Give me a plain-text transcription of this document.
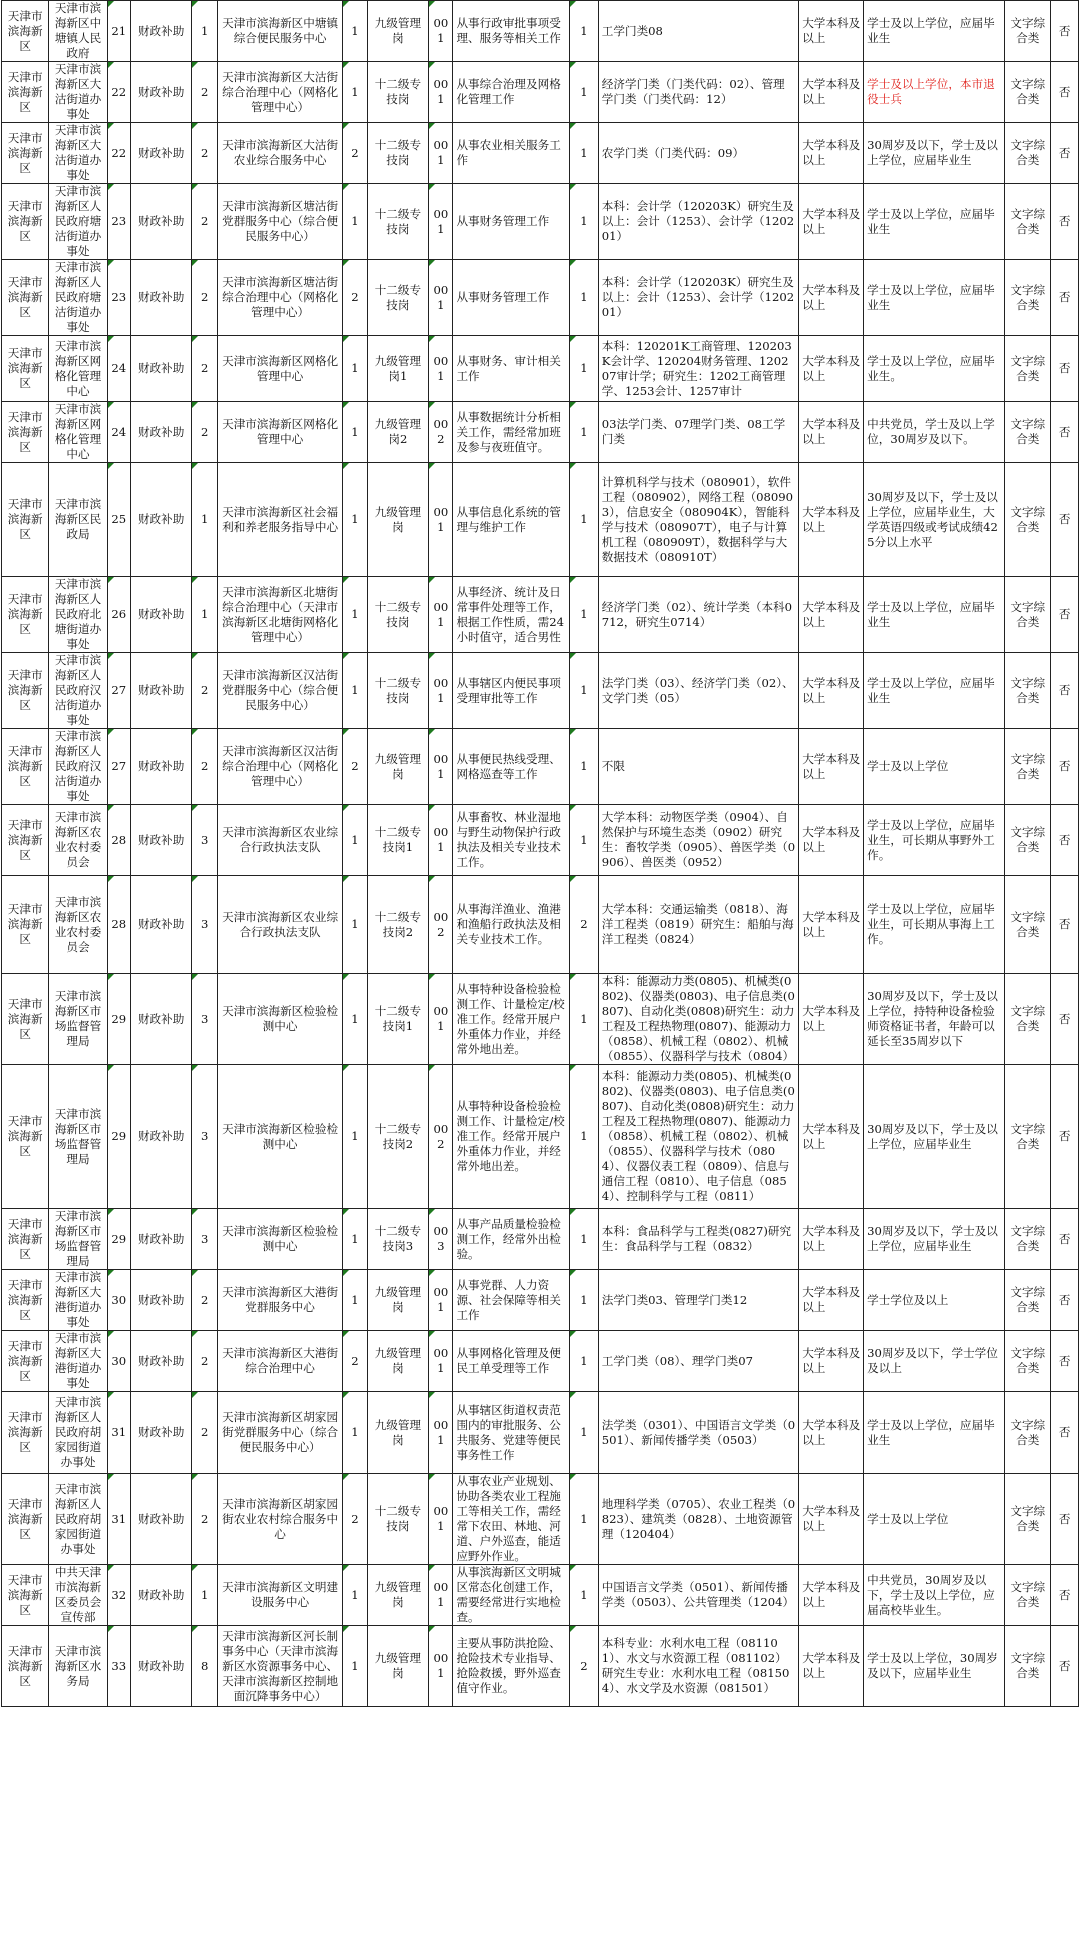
天津市滨海新区	天津市滨海新区中塘镇人民政府	21	财政补助	1	天津市滨海新区中塘镇综合便民服务中心	1	九级管理岗	001	从事行政审批事项受理、服务等相关工作	1	工学门类08	大学本科及以上	学士及以上学位，应届毕业生	文字综合类	否
天津市滨海新区	天津市滨海新区大沽街道办事处	22	财政补助	2	天津市滨海新区大沽街综合治理中心（网格化管理中心）	1	十二级专技岗	001	从事综合治理及网格化管理工作	1	经济学门类（门类代码：02）、管理学门类（门类代码：12）	大学本科及以上	学士及以上学位，本市退役士兵	文字综合类	否
天津市滨海新区	天津市滨海新区大沽街道办事处	22	财政补助	2	天津市滨海新区大沽街农业综合服务中心	2	十二级专技岗	001	从事农业相关服务工作	1	农学门类（门类代码：09）	大学本科及以上	30周岁及以下，学士及以上学位，应届毕业生	文字综合类	否
天津市滨海新区	天津市滨海新区人民政府塘沽街道办事处	23	财政补助	2	天津市滨海新区塘沽街党群服务中心（综合便民服务中心）	1	十二级专技岗	001	从事财务管理工作	1	本科：会计学（120203K）研究生及以上：会计（1253）、会计学（120201）	大学本科及以上	学士及以上学位，应届毕业生	文字综合类	否
天津市滨海新区	天津市滨海新区人民政府塘沽街道办事处	23	财政补助	2	天津市滨海新区塘沽街综合治理中心（网格化管理中心）	2	十二级专技岗	001	从事财务管理工作	1	本科：会计学（120203K）研究生及以上：会计（1253）、会计学（120201）	大学本科及以上	学士及以上学位，应届毕业生	文字综合类	否
天津市滨海新区	天津市滨海新区网格化管理中心	24	财政补助	2	天津市滨海新区网格化管理中心	1	九级管理岗1	001	从事财务、审计相关工作	1	本科：120201K工商管理、120203K会计学、120204财务管理、120207审计学；研究生：1202工商管理学、1253会计、1257审计	大学本科及以上	学士及以上学位，应届毕业生。	文字综合类	否
天津市滨海新区	天津市滨海新区网格化管理中心	24	财政补助	2	天津市滨海新区网格化管理中心	1	九级管理岗2	002	从事数据统计分析相关工作，需经常加班及参与夜班值守。	1	03法学门类、07理学门类、08工学门类	大学本科及以上	中共党员，学士及以上学位，30周岁及以下。	文字综合类	否
天津市滨海新区	天津市滨海新区民政局	25	财政补助	1	天津市滨海新区社会福利和养老服务指导中心	1	九级管理岗	001	从事信息化系统的管理与维护工作	1	计算机科学与技术（080901），软件工程（080902），网络工程（080903），信息安全（080904K），智能科学与技术（080907T），电子与计算机工程（080909T），数据科学与大数据技术（080910T）	大学本科及以上	30周岁及以下，学士及以上学位，应届毕业生，大学英语四级或考试成绩425分以上水平	文字综合类	否
天津市滨海新区	天津市滨海新区人民政府北塘街道办事处	26	财政补助	1	天津市滨海新区北塘街综合治理中心（天津市滨海新区北塘街网格化管理中心）	1	十二级专技岗	001	从事经济、统计及日常事件处理等工作，根据工作性质，需24小时值守，适合男性	1	经济学门类（02）、统计学类（本科0712，研究生0714）	大学本科及以上	学士及以上学位，应届毕业生	文字综合类	否
天津市滨海新区	天津市滨海新区人民政府汉沽街道办事处	27	财政补助	2	天津市滨海新区汉沽街党群服务中心（综合便民服务中心）	1	十二级专技岗	001	从事辖区内便民事项受理审批等工作	1	法学门类（03）、经济学门类（02）、文学门类（05）	大学本科及以上	学士及以上学位，应届毕业生	文字综合类	否
天津市滨海新区	天津市滨海新区人民政府汉沽街道办事处	27	财政补助	2	天津市滨海新区汉沽街综合治理中心（网格化管理中心）	2	九级管理岗	001	从事便民热线受理、网格巡查等工作	1	不限	大学本科及以上	学士及以上学位	文字综合类	否
天津市滨海新区	天津市滨海新区农业农村委员会	28	财政补助	3	天津市滨海新区农业综合行政执法支队	1	十二级专技岗1	001	从事畜牧、林业湿地与野生动物保护行政执法及相关专业技术工作。	1	大学本科：动物医学类（0904）、自然保护与环境生态类（0902）研究生：畜牧学类（0905）、兽医学类（0906）、兽医类（0952）	大学本科及以上	学士及以上学位，应届毕业生，可长期从事野外工作。	文字综合类	否
天津市滨海新区	天津市滨海新区农业农村委员会	28	财政补助	3	天津市滨海新区农业综合行政执法支队	1	十二级专技岗2	002	从事海洋渔业、渔港和渔船行政执法及相关专业技术工作。	2	大学本科：交通运输类（0818）、海洋工程类（0819）研究生：船舶与海洋工程类（0824）	大学本科及以上	学士及以上学位，应届毕业生，可长期从事海上工作。	文字综合类	否
天津市滨海新区	天津市滨海新区市场监督管理局	29	财政补助	3	天津市滨海新区检验检测中心	1	十二级专技岗1	001	从事特种设备检验检测工作、计量检定/校准工作。经常开展户外重体力作业，并经常外地出差。	1	本科：能源动力类(0805)、机械类(0802)、仪器类(0803)、电子信息类(0807)、自动化类(0808)研究生：动力工程及工程热物理(0807)、能源动力（0858）、机械工程（0802）、机械（0855）、仪器科学与技术（0804）	大学本科及以上	30周岁及以下，学士及以上学位，持特种设备检验师资格证书者，年龄可以延长至35周岁以下	文字综合类	否
天津市滨海新区	天津市滨海新区市场监督管理局	29	财政补助	3	天津市滨海新区检验检测中心	1	十二级专技岗2	002	从事特种设备检验检测工作、计量检定/校准工作。经常开展户外重体力作业，并经常外地出差。	1	本科：能源动力类(0805)、机械类(0802)、仪器类(0803)、电子信息类(0807)、自动化类(0808)研究生：动力工程及工程热物理(0807)、能源动力（0858）、机械工程（0802）、机械（0855）、仪器科学与技术（0804）、仪器仪表工程（0809）、信息与通信工程（0810）、电子信息（0854）、控制科学与工程（0811）	大学本科及以上	30周岁及以下，学士及以上学位，应届毕业生	文字综合类	否
天津市滨海新区	天津市滨海新区市场监督管理局	29	财政补助	3	天津市滨海新区检验检测中心	1	十二级专技岗3	003	从事产品质量检验检测工作，经常外出检验。	1	本科：食品科学与工程类(0827)研究生：食品科学与工程（0832）	大学本科及以上	30周岁及以下，学士及以上学位，应届毕业生	文字综合类	否
天津市滨海新区	天津市滨海新区大港街道办事处	30	财政补助	2	天津市滨海新区大港街党群服务中心	1	九级管理岗	001	从事党群、人力资源、社会保障等相关工作	1	法学门类03、管理学门类12	大学本科及以上	学士学位及以上	文字综合类	否
天津市滨海新区	天津市滨海新区大港街道办事处	30	财政补助	2	天津市滨海新区大港街综合治理中心	2	九级管理岗	001	从事网格化管理及便民工单受理等工作	1	工学门类（08）、理学门类07	大学本科及以上	30周岁及以下，学士学位及以上	文字综合类	否
天津市滨海新区	天津市滨海新区人民政府胡家园街道办事处	31	财政补助	2	天津市滨海新区胡家园街党群服务中心（综合便民服务中心）	1	九级管理岗	001	从事辖区街道权责范围内的审批服务、公共服务、党建等便民事务性工作	1	法学类（0301）、中国语言文学类（0501）、新闻传播学类（0503）	大学本科及以上	学士及以上学位，应届毕业生	文字综合类	否
天津市滨海新区	天津市滨海新区人民政府胡家园街道办事处	31	财政补助	2	天津市滨海新区胡家园街农业农村综合服务中心	2	十二级专技岗	001	从事农业产业规划、协助各类农业工程施工等相关工作，需经常下农田、林地、河道、户外巡查，能适应野外作业。	1	地理科学类（0705）、农业工程类（0823）、建筑类（0828）、土地资源管理（120404）	大学本科及以上	学士及以上学位	文字综合类	否
天津市滨海新区	中共天津市滨海新区委员会宣传部	32	财政补助	1	天津市滨海新区文明建设服务中心	1	九级管理岗	001	从事滨海新区文明城区常态化创建工作，需要经常进行实地检查。	1	中国语言文学类（0501）、新闻传播学类（0503）、公共管理类（1204）	大学本科及以上	中共党员，30周岁及以下，学士及以上学位，应届高校毕业生。	文字综合类	否
天津市滨海新区	天津市滨海新区水务局	33	财政补助	8	天津市滨海新区河长制事务中心（天津市滨海新区水资源事务中心、天津市滨海新区控制地面沉降事务中心）	1	九级管理岗	001	主要从事防洪抢险、抢险技术专业指导、抢险救援，野外巡查值守作业。	2	本科专业：水利水电工程（081101）、水文与水资源工程（081102）研究生专业：水利水电工程（081504）、水文学及水资源（081501）	大学本科及以上	学士及以上学位，30周岁及以下，应届毕业生	文字综合类	否
